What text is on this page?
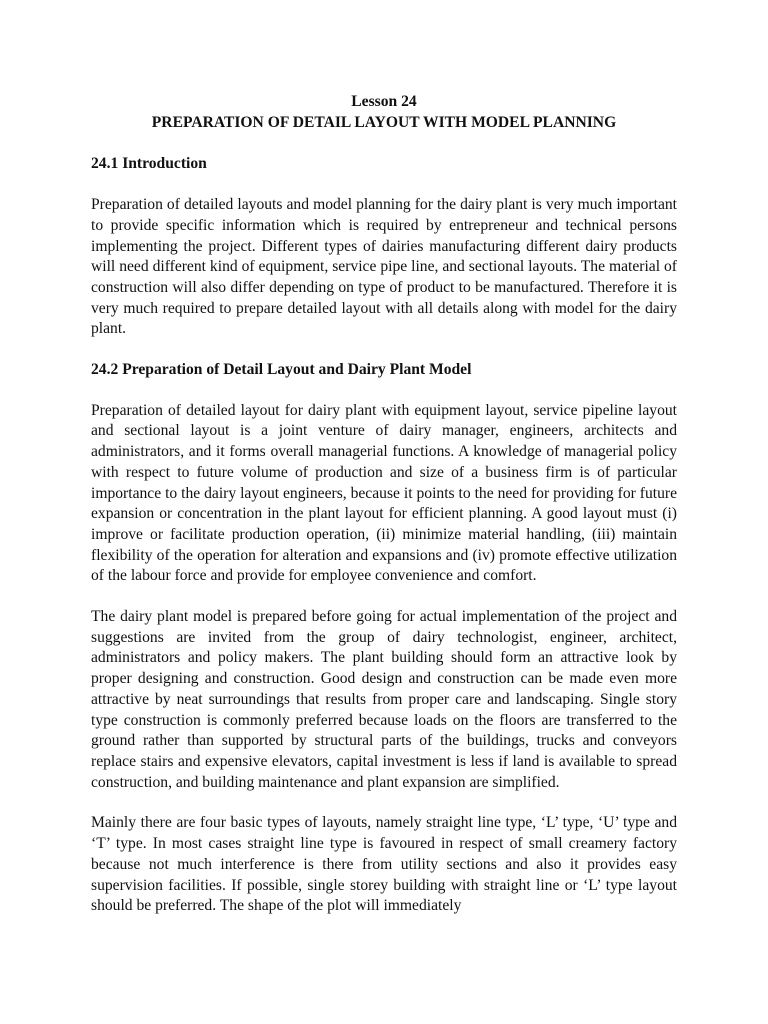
Lesson 24
PREPARATION OF DETAIL LAYOUT WITH MODEL PLANNING

24.1 Introduction

Preparation of detailed layouts and model planning for the dairy plant is very much important to provide specific information which is required by entrepreneur and technical persons implementing the project. Different types of dairies manufacturing different dairy products will need different kind of equipment, service pipe line, and sectional layouts. The material of construction will also differ depending on type of product to be manufactured. Therefore it is very much required to prepare detailed layout with all details along with model for the dairy plant.

24.2 Preparation of Detail Layout and Dairy Plant Model

Preparation of detailed layout for dairy plant with equipment layout, service pipeline layout and sectional layout is a joint venture of dairy manager, engineers, architects and administrators, and it forms overall managerial functions. A knowledge of managerial policy with respect to future volume of production and size of a business firm is of particular importance to the dairy layout engineers, because it points to the need for providing for future expansion or concentration in the plant layout for efficient planning. A good layout must (i) improve or facilitate production operation, (ii) minimize material handling, (iii) maintain flexibility of the operation for alteration and expansions and (iv) promote effective utilization of the labour force and provide for employee convenience and comfort.

The dairy plant model is prepared before going for actual implementation of the project and suggestions are invited from the group of dairy technologist, engineer, architect, administrators and policy makers. The plant building should form an attractive look by proper designing and construction. Good design and construction can be made even more attractive by neat surroundings that results from proper care and landscaping. Single story type construction is commonly preferred because loads on the floors are transferred to the ground rather than supported by structural parts of the buildings, trucks and conveyors replace stairs and expensive elevators, capital investment is less if land is available to spread construction, and building maintenance and plant expansion are simplified.

Mainly there are four basic types of layouts, namely straight line type, ‘L’ type, ‘U’ type and ‘T’ type. In most cases straight line type is favoured in respect of small creamery factory because not much interference is there from utility sections and also it provides easy supervision facilities. If possible, single storey building with straight line or ‘L’ type layout should be preferred. The shape of the plot will immediately
